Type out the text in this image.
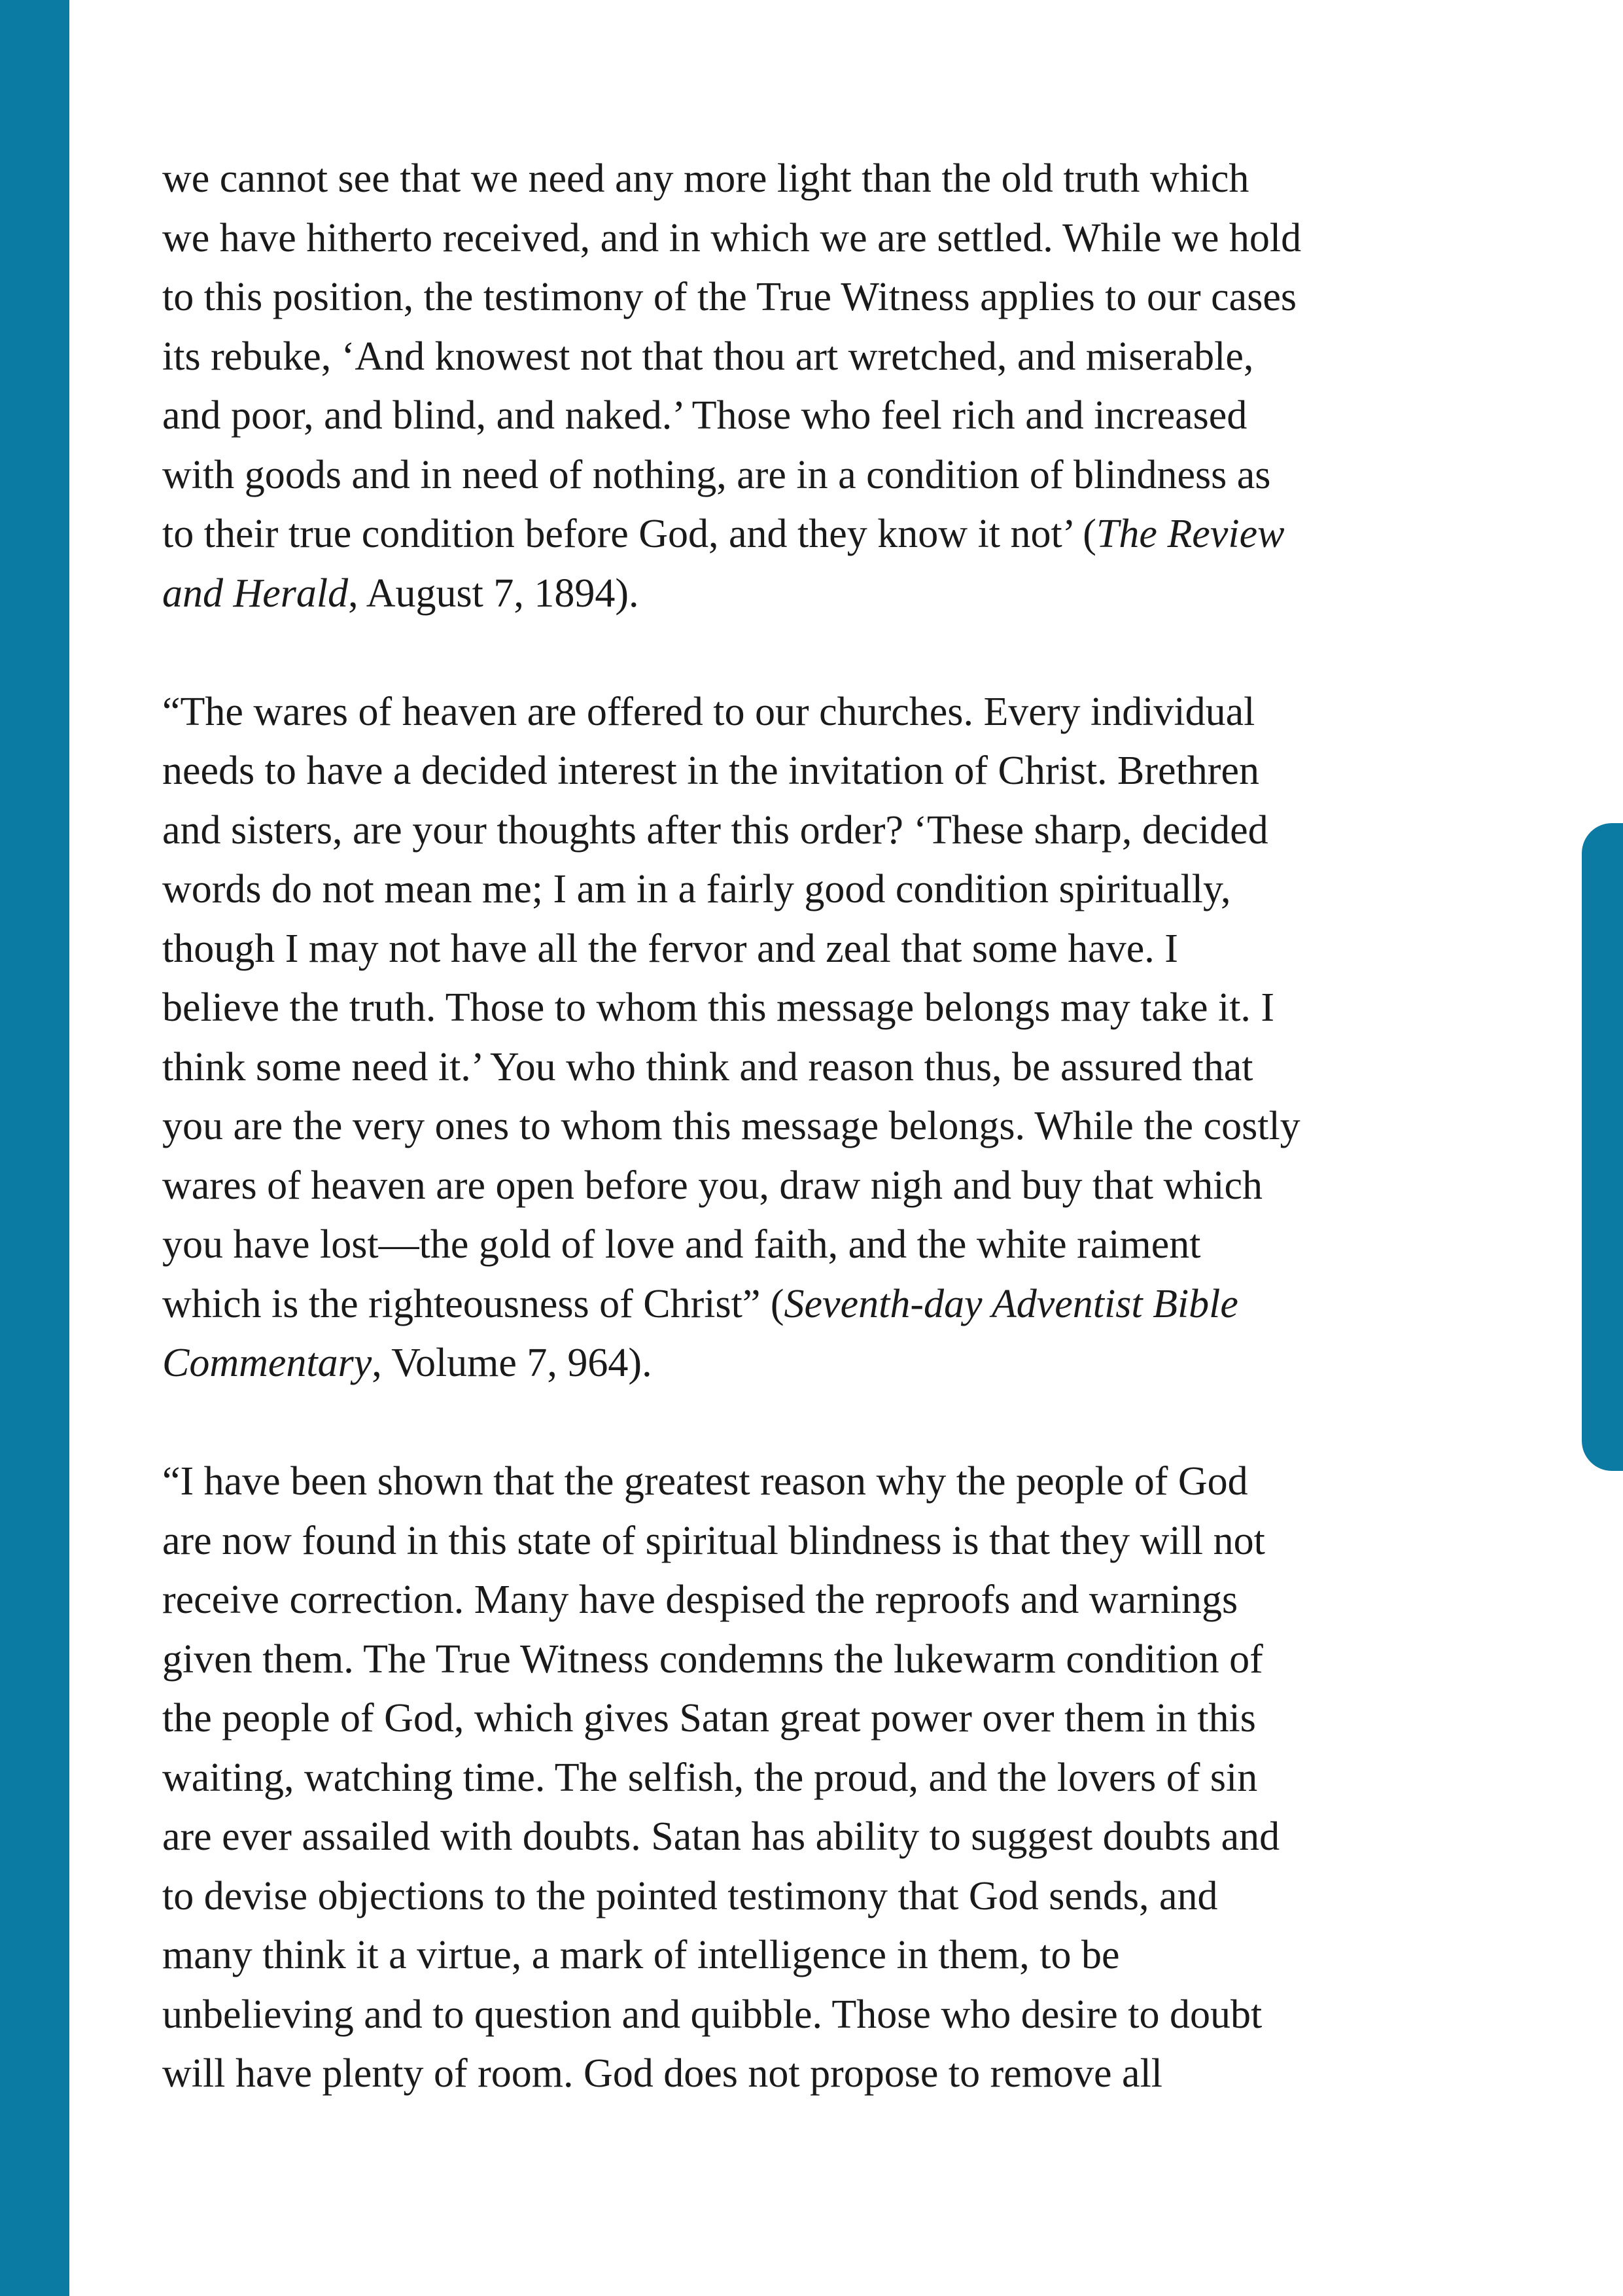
we cannot see that we need any more light than the old truth which
we have hitherto received, and in which we are settled. While we hold
to this position, the testimony of the True Witness applies to our cases
its rebuke, ‘And knowest not that thou art wretched, and miserable,
and poor, and blind, and naked.’ Those who feel rich and increased
with goods and in need of nothing, are in a condition of blindness as
to their true condition before God, and they know it not’ (The Review
and Herald, August 7, 1894).

“The wares of heaven are offered to our churches. Every individual
needs to have a decided interest in the invitation of Christ. Brethren
and sisters, are your thoughts after this order? ‘These sharp, decided
words do not mean me; I am in a fairly good condition spiritually,
though I may not have all the fervor and zeal that some have. I
believe the truth. Those to whom this message belongs may take it. I
think some need it.’ You who think and reason thus, be assured that
you are the very ones to whom this message belongs. While the costly
wares of heaven are open before you, draw nigh and buy that which
you have lost—the gold of love and faith, and the white raiment
which is the righteousness of Christ” (Seventh-day Adventist Bible
Commentary, Volume 7, 964).

“I have been shown that the greatest reason why the people of God
are now found in this state of spiritual blindness is that they will not
receive correction. Many have despised the reproofs and warnings
given them. The True Witness condemns the lukewarm condition of
the people of God, which gives Satan great power over them in this
waiting, watching time. The selfish, the proud, and the lovers of sin
are ever assailed with doubts. Satan has ability to suggest doubts and
to devise objections to the pointed testimony that God sends, and
many think it a virtue, a mark of intelligence in them, to be
unbelieving and to question and quibble. Those who desire to doubt
will have plenty of room. God does not propose to remove all
